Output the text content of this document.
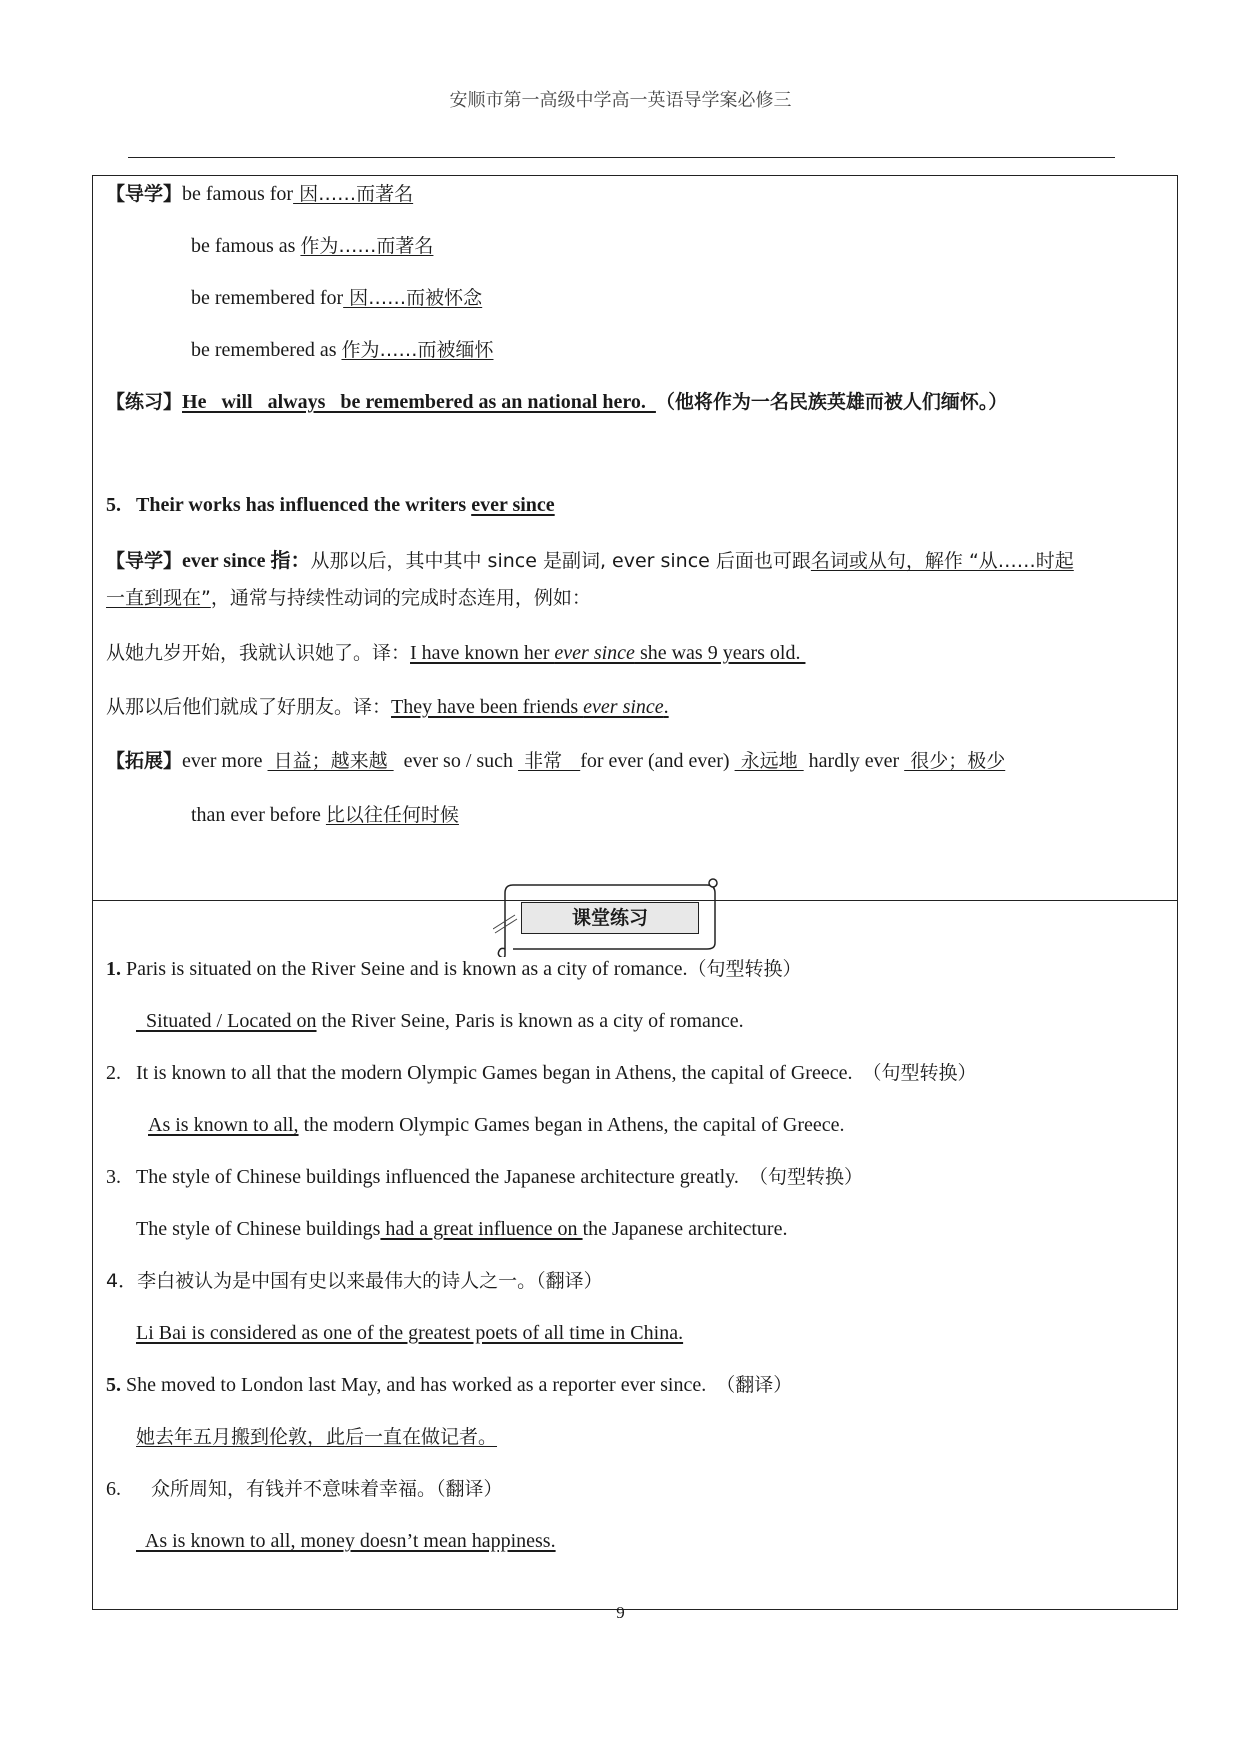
安顺市第一高级中学高一英语导学案必修三
【导学】be famous for 因……而著名
be famous as 作为……而著名
be remembered for 因……而被怀念
be remembered as 作为……而被缅怀
【练习】He   will   always   be remembered as an national hero.  （他将作为一名民族英雄而被人们缅怀。）
5. Their works has influenced the writers ever since
【导学】ever since 指：从那以后，其中其中 since 是副词, ever since 后面也可跟名词或从句，解作 “从……时起
一直到现在”，通常与持续性动词的完成时态连用，例如：
从她九岁开始，我就认识她了。译：I have known her ever since she was 9 years old.
从那以后他们就成了好朋友。译：They have been friends ever since.
【拓展】ever more  日益；越来越   ever so / such  非常   for ever (and ever)  永远地  hardly ever  很少；极少
than ever before 比以往任何时候
课堂练习
1. Paris is situated on the River Seine and is known as a city of romance.（句型转换）
Situated / Located on the River Seine, Paris is known as a city of romance.
2. It is known to all that the modern Olympic Games began in Athens, the capital of Greece. （句型转换）
As is known to all, the modern Olympic Games began in Athens, the capital of Greece.
3. The style of Chinese buildings influenced the Japanese architecture greatly. （句型转换）
The style of Chinese buildings had a great influence on the Japanese architecture.
4．李白被认为是中国有史以来最伟大的诗人之一。（翻译）
Li Bai is considered as one of the greatest poets of all time in China.
5. She moved to London last May, and has worked as a reporter ever since. （翻译）
她去年五月搬到伦敦，此后一直在做记者。
6. 众所周知，有钱并不意味着幸福。（翻译）
As is known to all, money doesn’t mean happiness.
9
